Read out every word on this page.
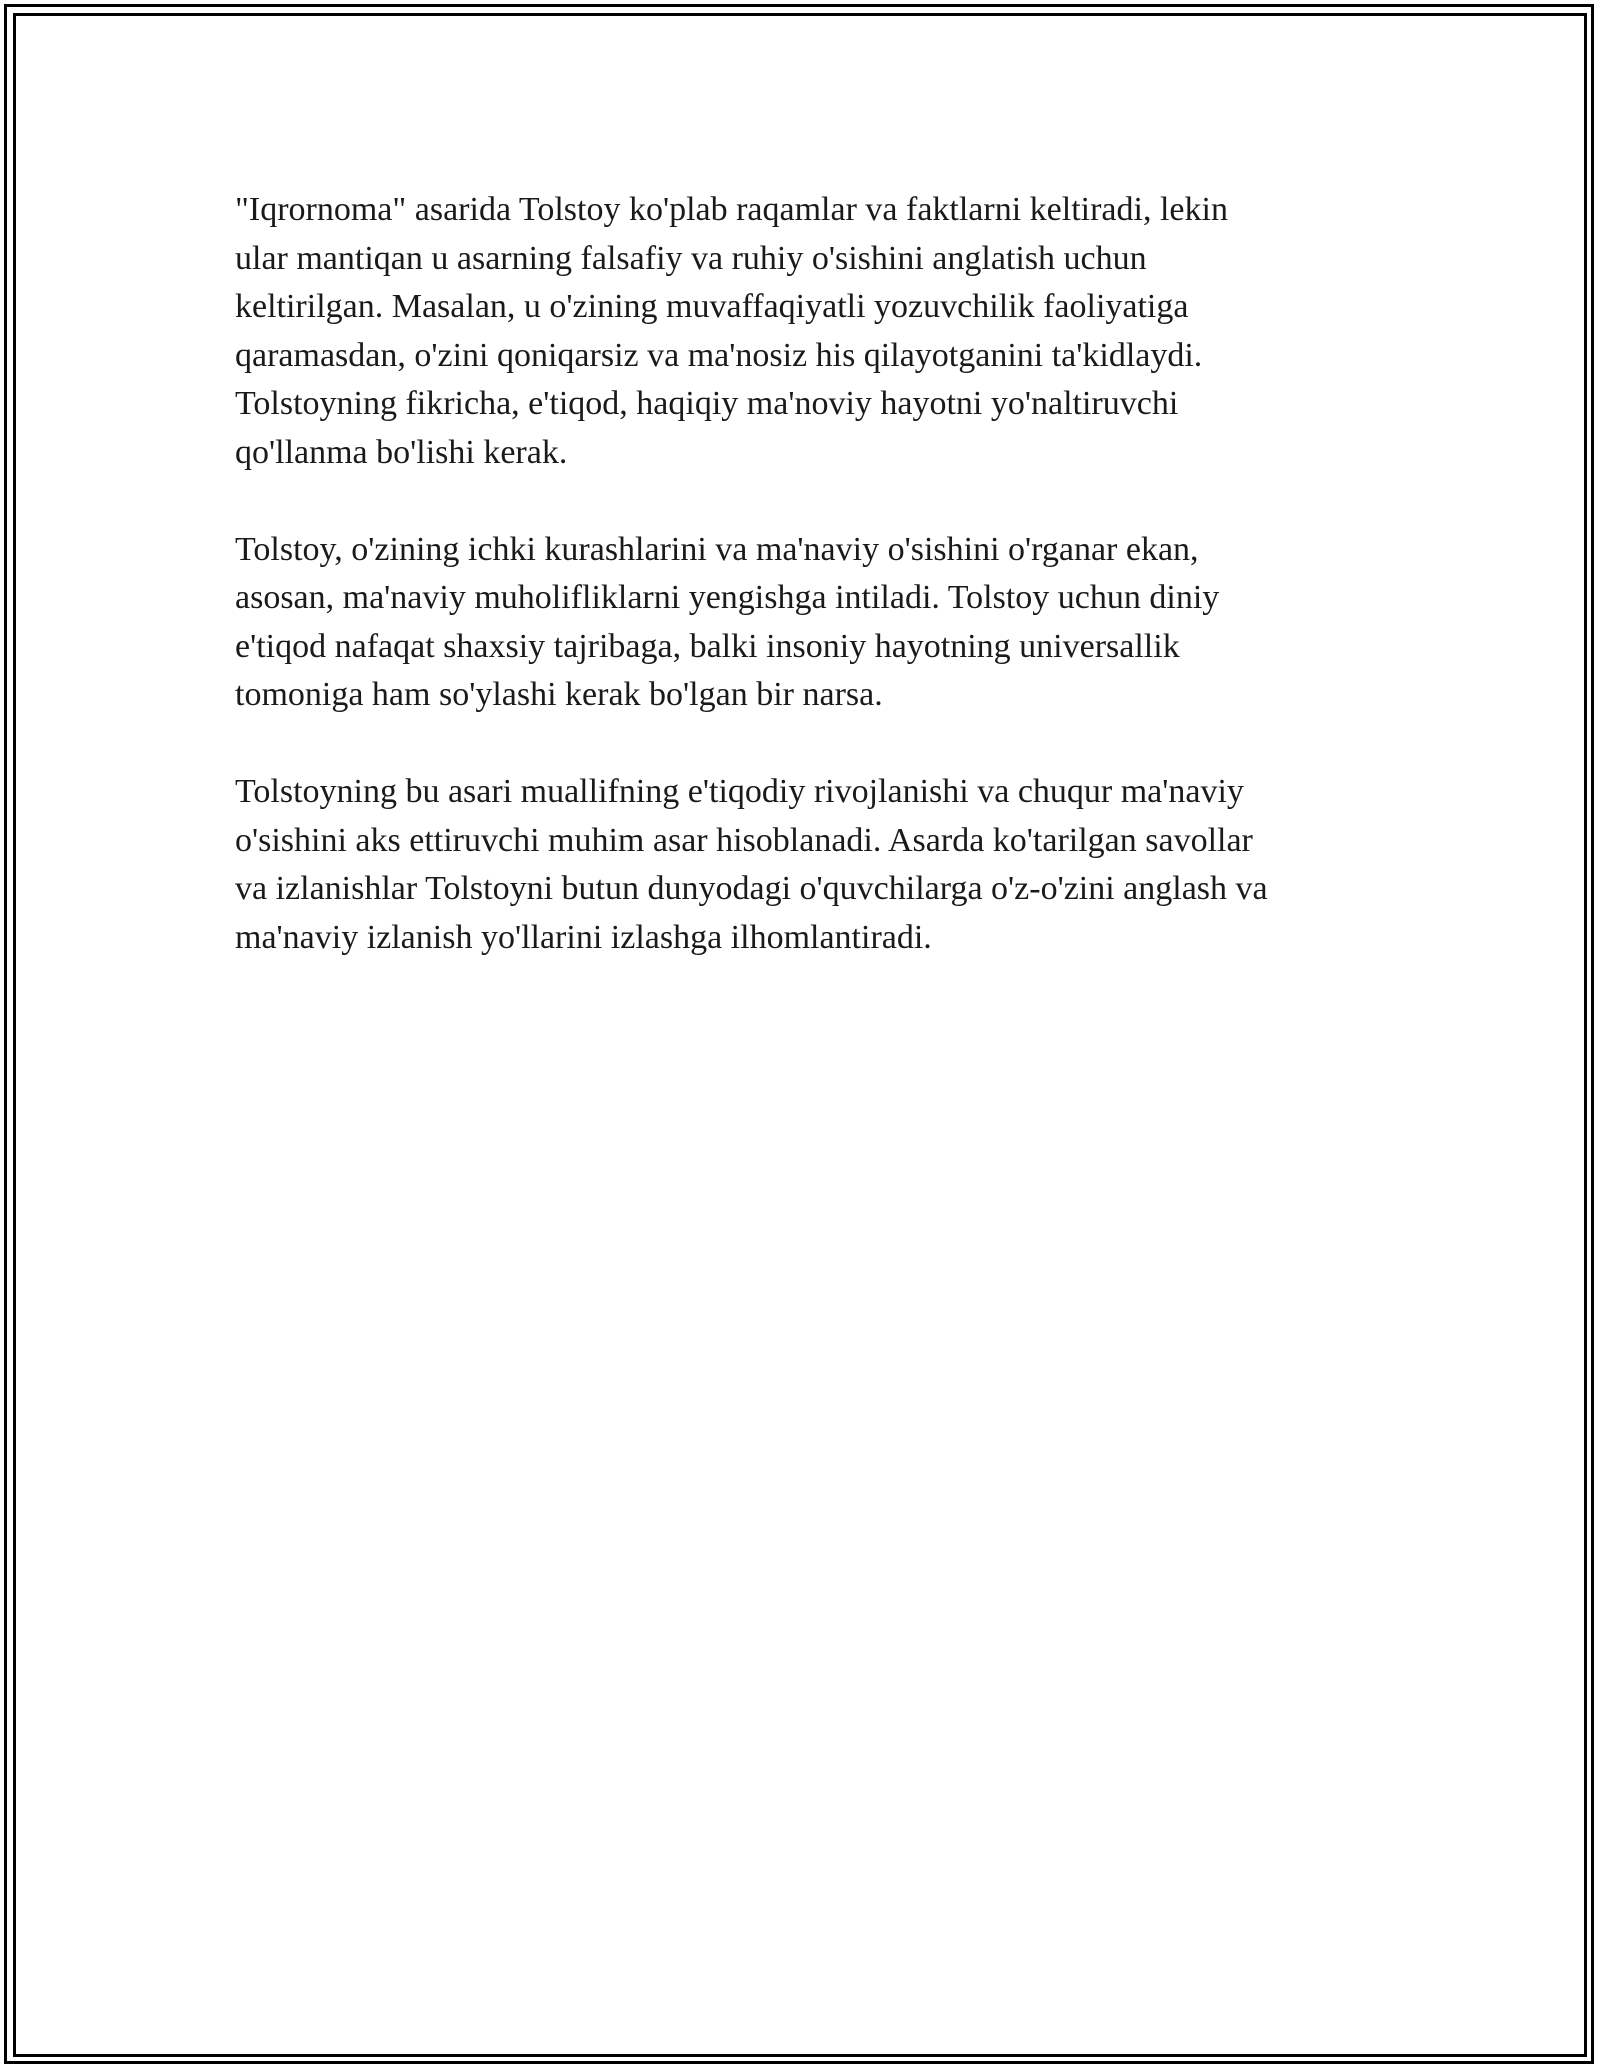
"Iqrornoma" asarida Tolstoy ko'plab raqamlar va faktlarni keltiradi, lekin
ular mantiqan u asarning falsafiy va ruhiy o'sishini anglatish uchun
keltirilgan. Masalan, u o'zining muvaffaqiyatli yozuvchilik faoliyatiga
qaramasdan, o'zini qoniqarsiz va ma'nosiz his qilayotganini ta'kidlaydi.
Tolstoyning fikricha, e'tiqod, haqiqiy ma'noviy hayotni yo'naltiruvchi
qo'llanma bo'lishi kerak.

Tolstoy, o'zining ichki kurashlarini va ma'naviy o'sishini o'rganar ekan,
asosan, ma'naviy muholifliklarni yengishga intiladi. Tolstoy uchun diniy
e'tiqod nafaqat shaxsiy tajribaga, balki insoniy hayotning universallik
tomoniga ham so'ylashi kerak bo'lgan bir narsa.

Tolstoyning bu asari muallifning e'tiqodiy rivojlanishi va chuqur ma'naviy
o'sishini aks ettiruvchi muhim asar hisoblanadi. Asarda ko'tarilgan savollar
va izlanishlar Tolstoyni butun dunyodagi o'quvchilarga o'z-o'zini anglash va
ma'naviy izlanish yo'llarini izlashga ilhomlantiradi.
